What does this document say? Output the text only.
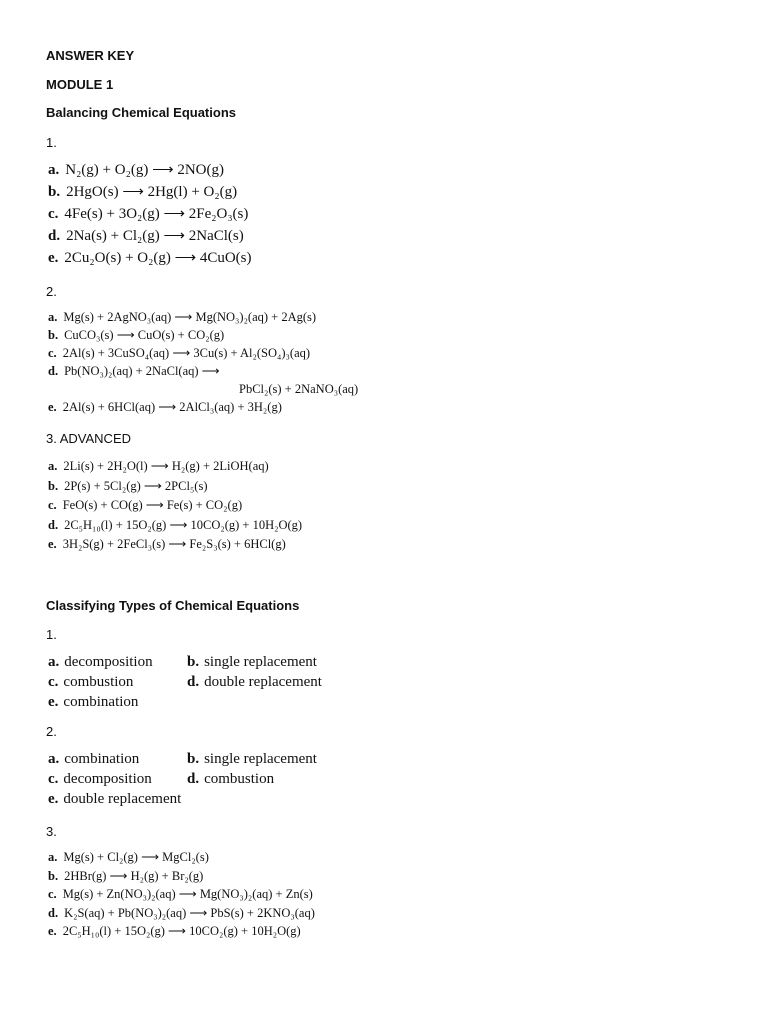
ANSWER KEY
MODULE 1
Balancing Chemical Equations
1.
a. N₂(g) + O₂(g) ⟶ 2NO(g)
b. 2HgO(s) ⟶ 2Hg(l) + O₂(g)
c. 4Fe(s) + 3O₂(g) ⟶ 2Fe₂O₃(s)
d. 2Na(s) + Cl₂(g) ⟶ 2NaCl(s)
e. 2Cu₂O(s) + O₂(g) ⟶ 4CuO(s)
2.
a. Mg(s) + 2AgNO₃(aq) ⟶ Mg(NO₃)₂(aq) + 2Ag(s)
b. CuCO₃(s) ⟶ CuO(s) + CO₂(g)
c. 2Al(s) + 3CuSO₄(aq) ⟶ 3Cu(s) + Al₂(SO₄)₃(aq)
d. Pb(NO₃)₂(aq) + 2NaCl(aq) ⟶
PbCl₂(s) + 2NaNO₃(aq)
e. 2Al(s) + 6HCl(aq) ⟶ 2AlCl₃(aq) + 3H₂(g)
3. ADVANCED
a. 2Li(s) + 2H₂O(l) ⟶ H₂(g) + 2LiOH(aq)
b. 2P(s) + 5Cl₂(g) ⟶ 2PCl₅(s)
c. FeO(s) + CO(g) ⟶ Fe(s) + CO₂(g)
d. 2C₅H₁₀(l) + 15O₂(g) ⟶ 10CO₂(g) + 10H₂O(g)
e. 3H₂S(g) + 2FeCl₃(s) ⟶ Fe₂S₃(s) + 6HCl(g)
Classifying Types of Chemical Equations
1.
a. decomposition b. single replacement
c. combustion	d. double replacement
e. combination
2.
a. combination	b. single replacement
c. decomposition d. combustion
e. double replacement
3.
a. Mg(s) + Cl₂(g) ⟶ MgCl₂(s)
b. 2HBr(g) ⟶ H₂(g) + Br₂(g)
c. Mg(s) + Zn(NO₃)₂(aq) ⟶ Mg(NO₃)₂(aq) + Zn(s)
d. K₂S(aq) + Pb(NO₃)₂(aq) ⟶ PbS(s) + 2KNO₃(aq)
e. 2C₅H₁₀(l) + 15O₂(g) ⟶ 10CO₂(g) + 10H₂O(g)
